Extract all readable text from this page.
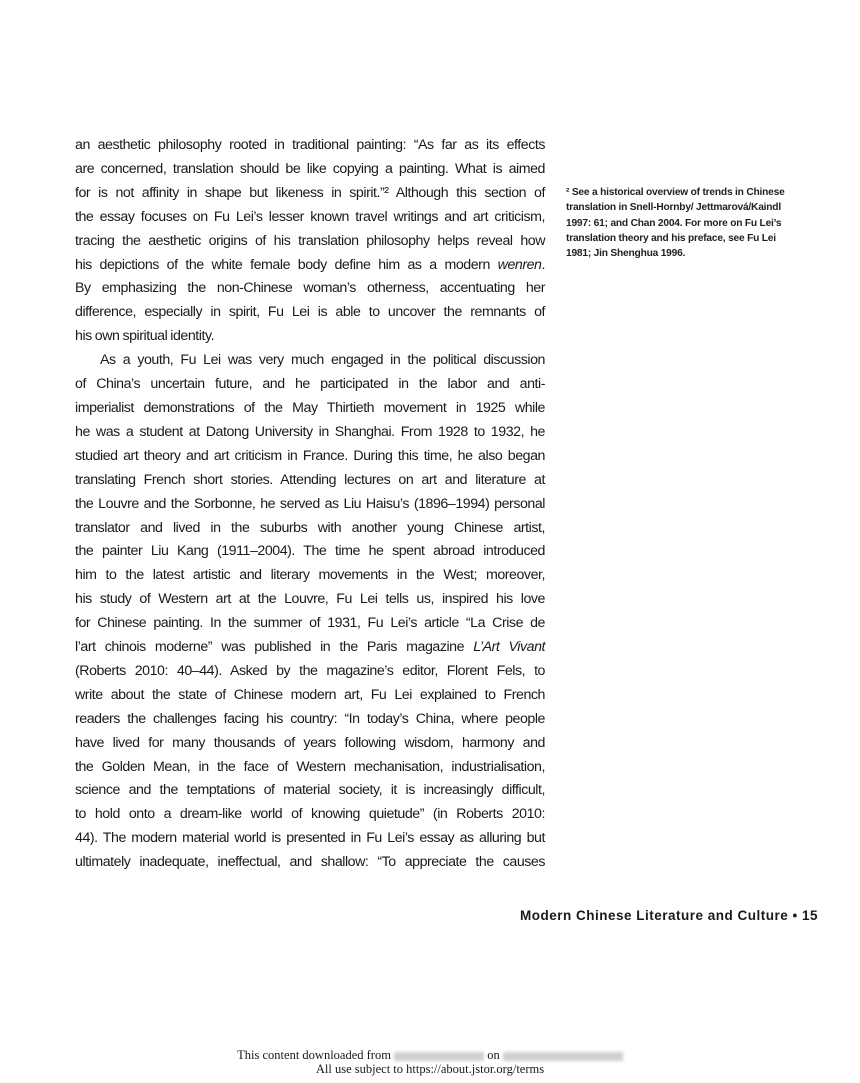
an aesthetic philosophy rooted in traditional painting: “As far as its effects
are concerned, translation should be like copying a painting. What is aimed
for is not affinity in shape but likeness in spirit.”² Although this section of
the essay focuses on Fu Lei’s lesser known travel writings and art criticism,
tracing the aesthetic origins of his translation philosophy helps reveal how
his depictions of the white female body define him as a modern wenren.
By emphasizing the non-Chinese woman’s otherness, accentuating her
difference, especially in spirit, Fu Lei is able to uncover the remnants of
his own spiritual identity.
As a youth, Fu Lei was very much engaged in the political discussion
of China’s uncertain future, and he participated in the labor and anti-
imperialist demonstrations of the May Thirtieth movement in 1925 while
he was a student at Datong University in Shanghai. From 1928 to 1932, he
studied art theory and art criticism in France. During this time, he also began
translating French short stories. Attending lectures on art and literature at
the Louvre and the Sorbonne, he served as Liu Haisu’s (1896–1994) personal
translator and lived in the suburbs with another young Chinese artist,
the painter Liu Kang (1911–2004). The time he spent abroad introduced
him to the latest artistic and literary movements in the West; moreover,
his study of Western art at the Louvre, Fu Lei tells us, inspired his love
for Chinese painting. In the summer of 1931, Fu Lei’s article “La Crise de
l’art chinois moderne” was published in the Paris magazine L’Art Vivant
(Roberts 2010: 40–44). Asked by the magazine’s editor, Florent Fels, to
write about the state of Chinese modern art, Fu Lei explained to French
readers the challenges facing his country: “In today’s China, where people
have lived for many thousands of years following wisdom, harmony and
the Golden Mean, in the face of Western mechanisation, industrialisation,
science and the temptations of material society, it is increasingly difficult,
to hold onto a dream-like world of knowing quietude” (in Roberts 2010:
44). The modern material world is presented in Fu Lei’s essay as alluring but
ultimately inadequate, ineffectual, and shallow: “To appreciate the causes
Modern Chinese Literature and Culture • 15
² See a historical overview of trends in Chinese translation in Snell-Hornby/ Jettmarová/Kaindl 1997: 61; and Chan 2004. For more on Fu Lei’s translation theory and his preface, see Fu Lei 1981; Jin Shenghua 1996.
This content downloaded from	on
All use subject to https://about.jstor.org/terms
